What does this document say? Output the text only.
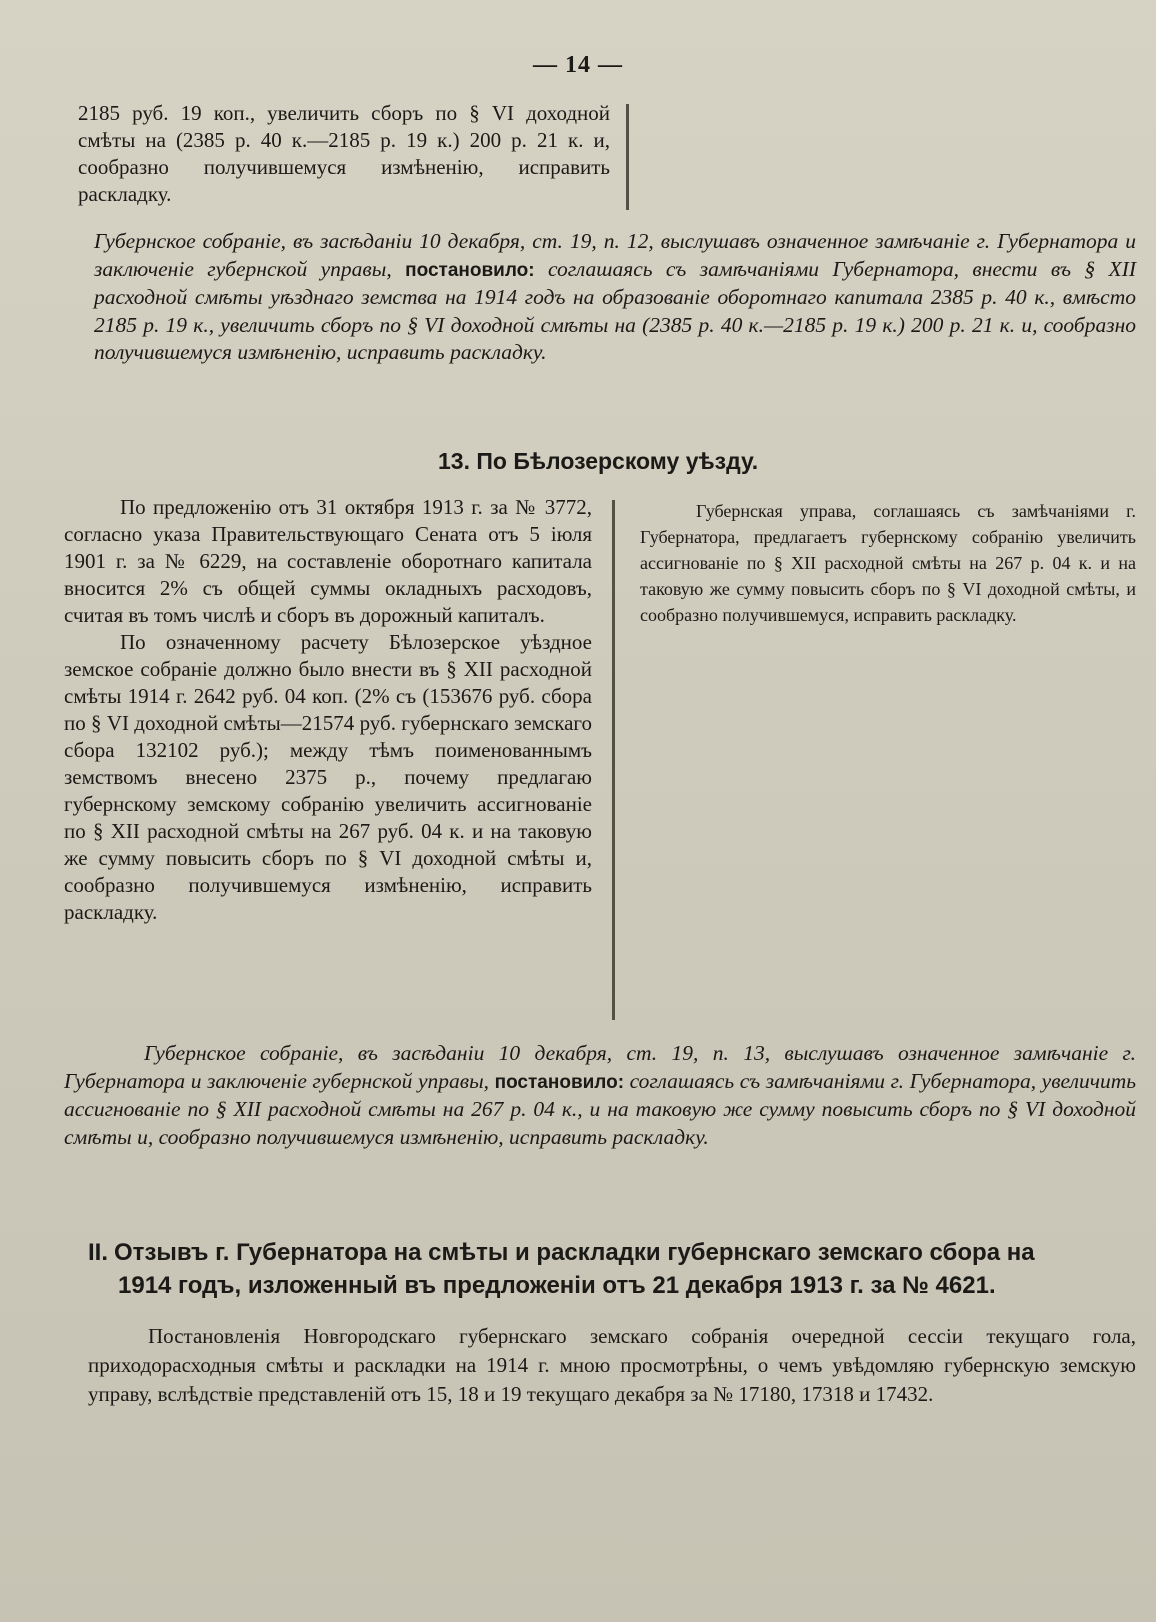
— 14 —

2185 руб. 19 коп., увеличить сборъ по § VI доходной смѣты на (2385 р. 40 к.—2185 р. 19 к.) 200 р. 21 к. и, сообразно получившемуся измѣненію, исправить раскладку.

Губернское собраніе, въ засѣданіи 10 декабря, ст. 19, п. 12, выслушавъ означенное замѣчаніе г. Губернатора и заключеніе губернской управы, постановило: соглашаясь съ замѣчаніями Губернатора, внести въ § XII расходной смѣты уѣзднаго земства на 1914 годъ на образованіе оборотнаго капитала 2385 р. 40 к., вмѣсто 2185 р. 19 к., увеличить сборъ по § VI доходной смѣты на (2385 р. 40 к.—2185 р. 19 к.) 200 р. 21 к. и, сообразно получившемуся измѣненію, исправить раскладку.

13. По Бѣлозерскому уѣзду.

По предложенію отъ 31 октября 1913 г. за № 3772, согласно указа Правительствующаго Сената отъ 5 іюля 1901 г. за № 6229, на составленіе оборотнаго капитала вносится 2% съ общей суммы окладныхъ расходовъ, считая въ томъ числѣ и сборъ въ дорожный капиталъ.

По означенному расчету Бѣлозерское уѣздное земское собраніе должно было внести въ § XII расходной смѣты 1914 г. 2642 руб. 04 коп. (2% съ (153676 руб. сбора по § VI доходной смѣты—21574 руб. губернскаго земскаго сбора 132102 руб.); между тѣмъ поименованнымъ земствомъ внесено 2375 р., почему предлагаю губернскому земскому собранію увеличить ассигнованіе по § XII расходной смѣты на 267 руб. 04 к. и на таковую же сумму повысить сборъ по § VI доходной смѣты и, сообразно получившемуся измѣненію, исправить раскладку.

Губернская управа, соглашаясь съ замѣчаніями г. Губернатора, предлагаетъ губернскому собранію увеличить ассигнованіе по § XII расходной смѣты на 267 р. 04 к. и на таковую же сумму повысить сборъ по § VI доходной смѣты, и сообразно получившемуся, исправить раскладку.

Губернское собраніе, въ засѣданіи 10 декабря, ст. 19, п. 13, выслушавъ означенное замѣчаніе г. Губернатора и заключеніе губернской управы, постановило: соглашаясь съ замѣчаніями г. Губернатора, увеличить ассигнованіе по § XII расходной смѣты на 267 р. 04 к., и на таковую же сумму повысить сборъ по § VI доходной смѣты и, сообразно получившемуся измѣненію, исправить раскладку.

II. Отзывъ г. Губернатора на смѣты и раскладки губернскаго земскаго сбора на
1914 годъ, изложенный въ предложеніи отъ 21 декабря 1913 г. за № 4621.

Постановленія Новгородскаго губернскаго земскаго собранія очередной сессіи текущаго гола, приходорасходныя смѣты и раскладки на 1914 г. мною просмотрѣны, о чемъ увѣдомляю губернскую земскую управу, вслѣдствіе представленій отъ 15, 18 и 19 текущаго декабря за № 17180, 17318 и 17432.
